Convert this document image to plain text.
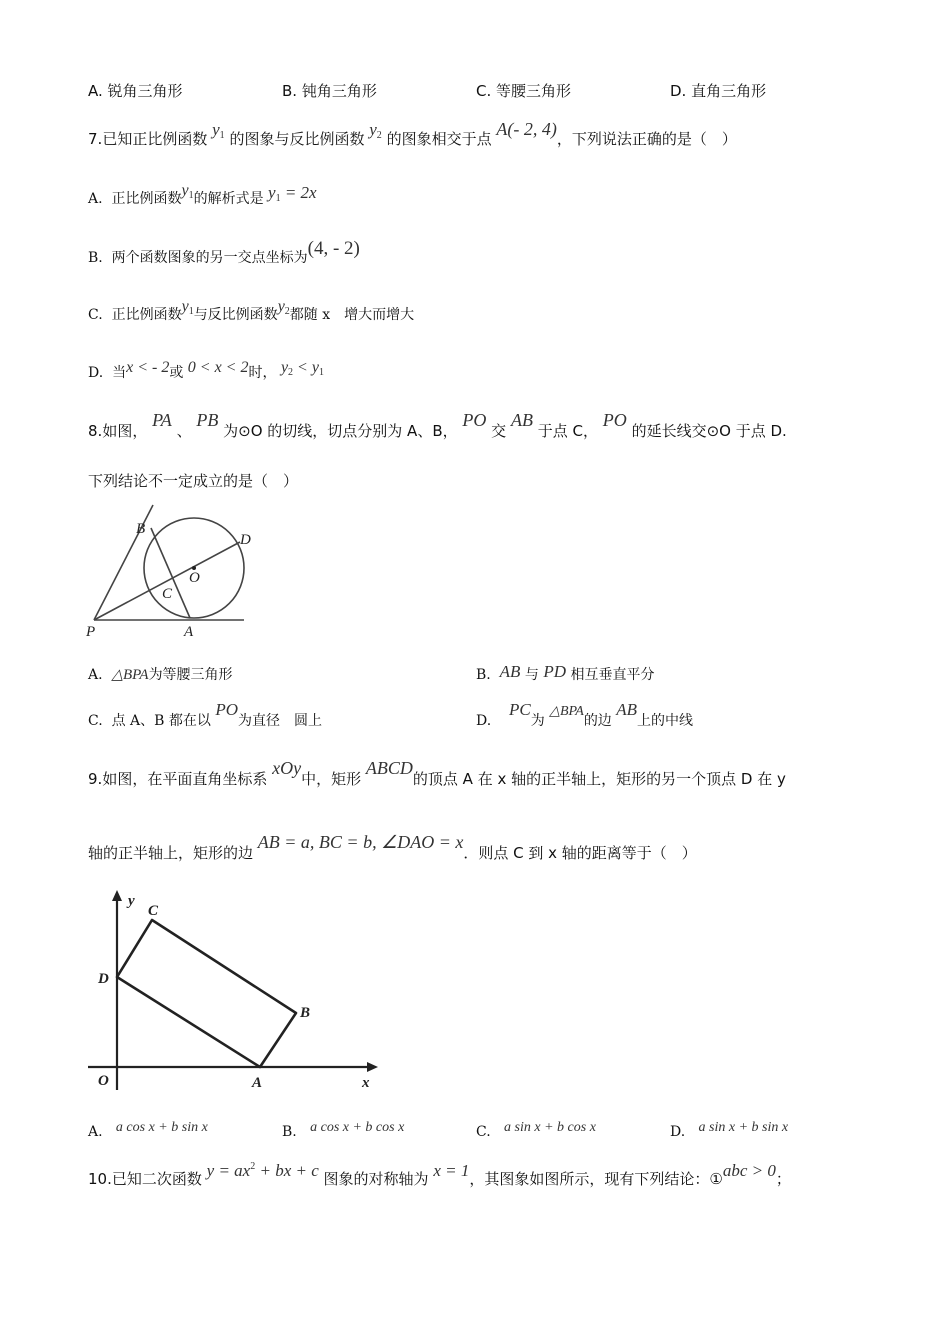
A. 锐角三角形	B. 钝角三角形	C. 等腰三角形	D. 直角三角形
7.已知正比例函数 $y_1$ 的图象与反比例函数 $y_2$ 的图象相交于点 A(- 2, 4)，下列说法正确的是（　）
A. 正比例函数$y_1$的解析式是 $y_1 = 2x$
B. 两个函数图象的另一交点坐标为(4, - 2)
C. 正比例函数$y_1$与反比例函数$y_2$都随 x　增大而增大
D. 当x < - 2或 0 < x < 2时， $y_2 < y_1$
8.如图， PA 、 PB 为⊙O 的切线，切点分别为 A、B， PO 交 AB 于点 C， PO 的延长线交⊙O 于点 D.
下列结论不一定成立的是（　）
B
D
O
C
P	A
A. △BPA为等腰三角形	B. AB 与 PD 相互垂直平分
C. 点 A、B 都在以 PO为直径　圆上	D.    PC为 △BPA的边 AB上的中线
9.如图，在平面直角坐标系 xOy中，矩形 ABCD的顶点 A 在 x 轴的正半轴上，矩形的另一个顶点 D 在 y
轴的正半轴上，矩形的边 AB = a, BC = b, ∠DAO = x．则点 C 到 x 轴的距离等于（　）
y
C
D
B
O	A	x
A. a cos x + b sin x	B. a cos x + b cos x	C. a sin x + b cos x	D. a sin x + b sin x
10.已知二次函数 $y = ax^2$ + bx + c 图象的对称轴为 x = 1，其图象如图所示，现有下列结论：①abc > 0；
